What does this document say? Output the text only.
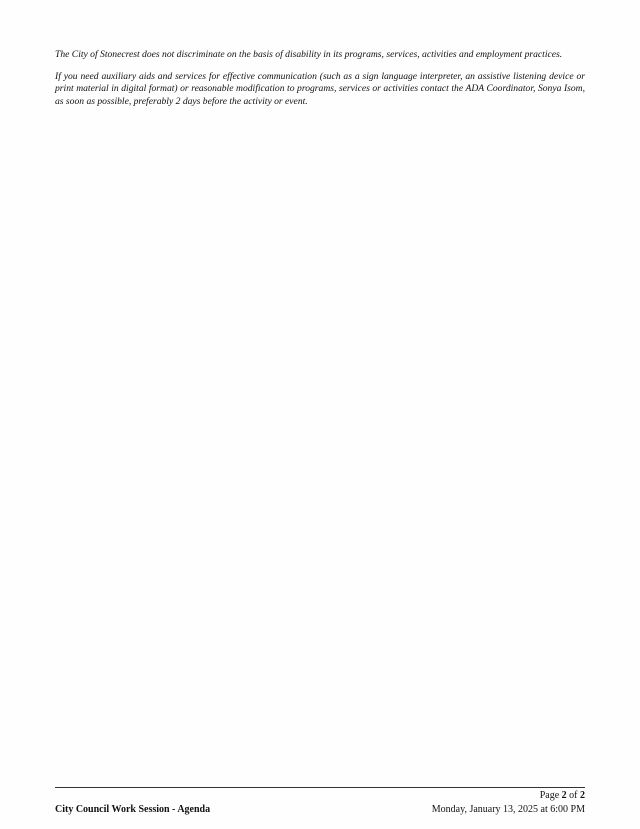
The City of Stonecrest does not discriminate on the basis of disability in its programs, services, activities and employment practices.

If you need auxiliary aids and services for effective communication (such as a sign language interpreter, an assistive listening device or print material in digital format) or reasonable modification to programs, services or activities contact the ADA Coordinator, Sonya Isom, as soon as possible, preferably 2 days before the activity or event.

Page 2 of 2
City Council Work Session - Agenda	Monday, January 13, 2025 at 6:00 PM
